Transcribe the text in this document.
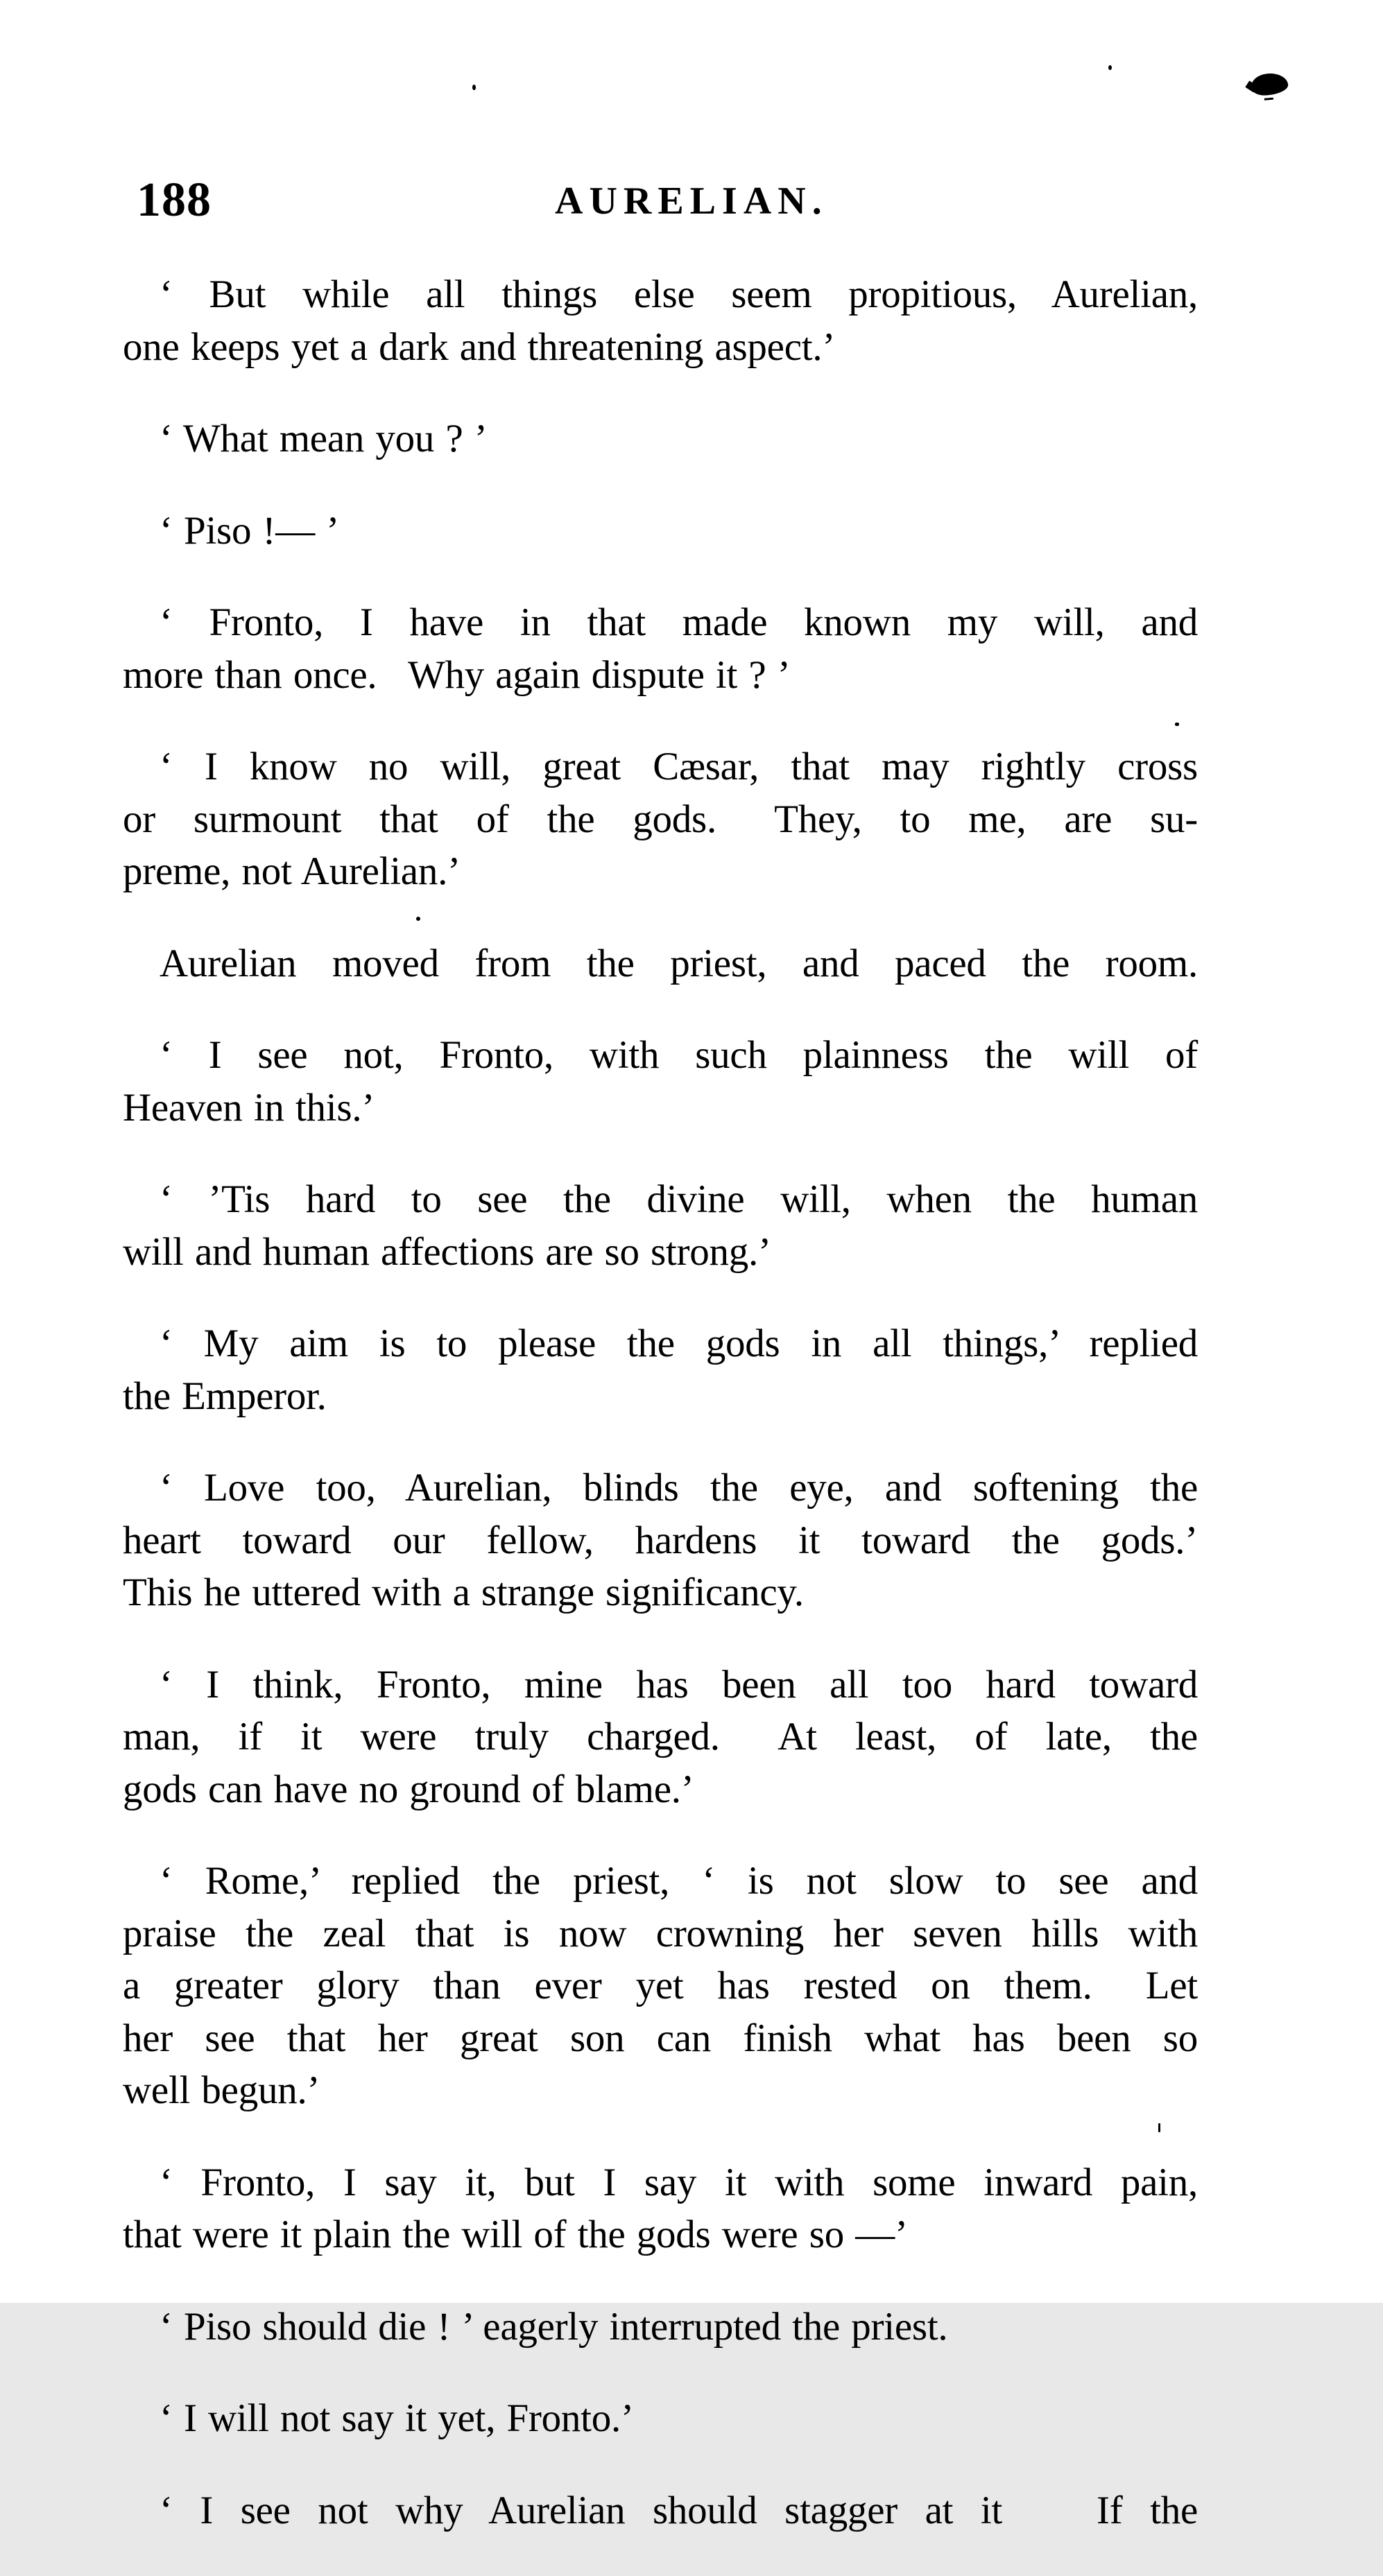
188	AURELIAN.

‘ But while all things else seem propitious, Aurelian,
one keeps yet a dark and threatening aspect.’

‘ What mean you ? ’

‘ Piso !— ’

‘ Fronto, I have in that made known my will, and
more than once.  Why again dispute it ? ’

‘ I know no will, great Cæsar, that may rightly cross
or surmount that of the gods.  They, to me, are su-
preme, not Aurelian.’

Aurelian moved from the priest, and paced the room.

‘ I see not, Fronto, with such plainness the will of
Heaven in this.’

‘ ’Tis hard to see the divine will, when the human
will and human affections are so strong.’

‘ My aim is to please the gods in all things,’ replied
the Emperor.

‘ Love too, Aurelian, blinds the eye, and softening the
heart toward our fellow, hardens it toward the gods.’
This he uttered with a strange significancy.

‘ I think, Fronto, mine has been all too hard toward
man, if it were truly charged.  At least, of late, the
gods can have no ground of blame.’

‘ Rome,’ replied the priest, ‘ is not slow to see and
praise the zeal that is now crowning her seven hills with
a greater glory than ever yet has rested on them.  Let
her see that her great son can finish what has been so
well begun.’

‘ Fronto, I say it, but I say it with some inward pain,
that were it plain the will of the gods were so —’

‘ Piso should die ! ’ eagerly interrupted the priest.

‘ I will not say it yet, Fronto.’

‘ I see not why Aurelian should stagger at it   If the
